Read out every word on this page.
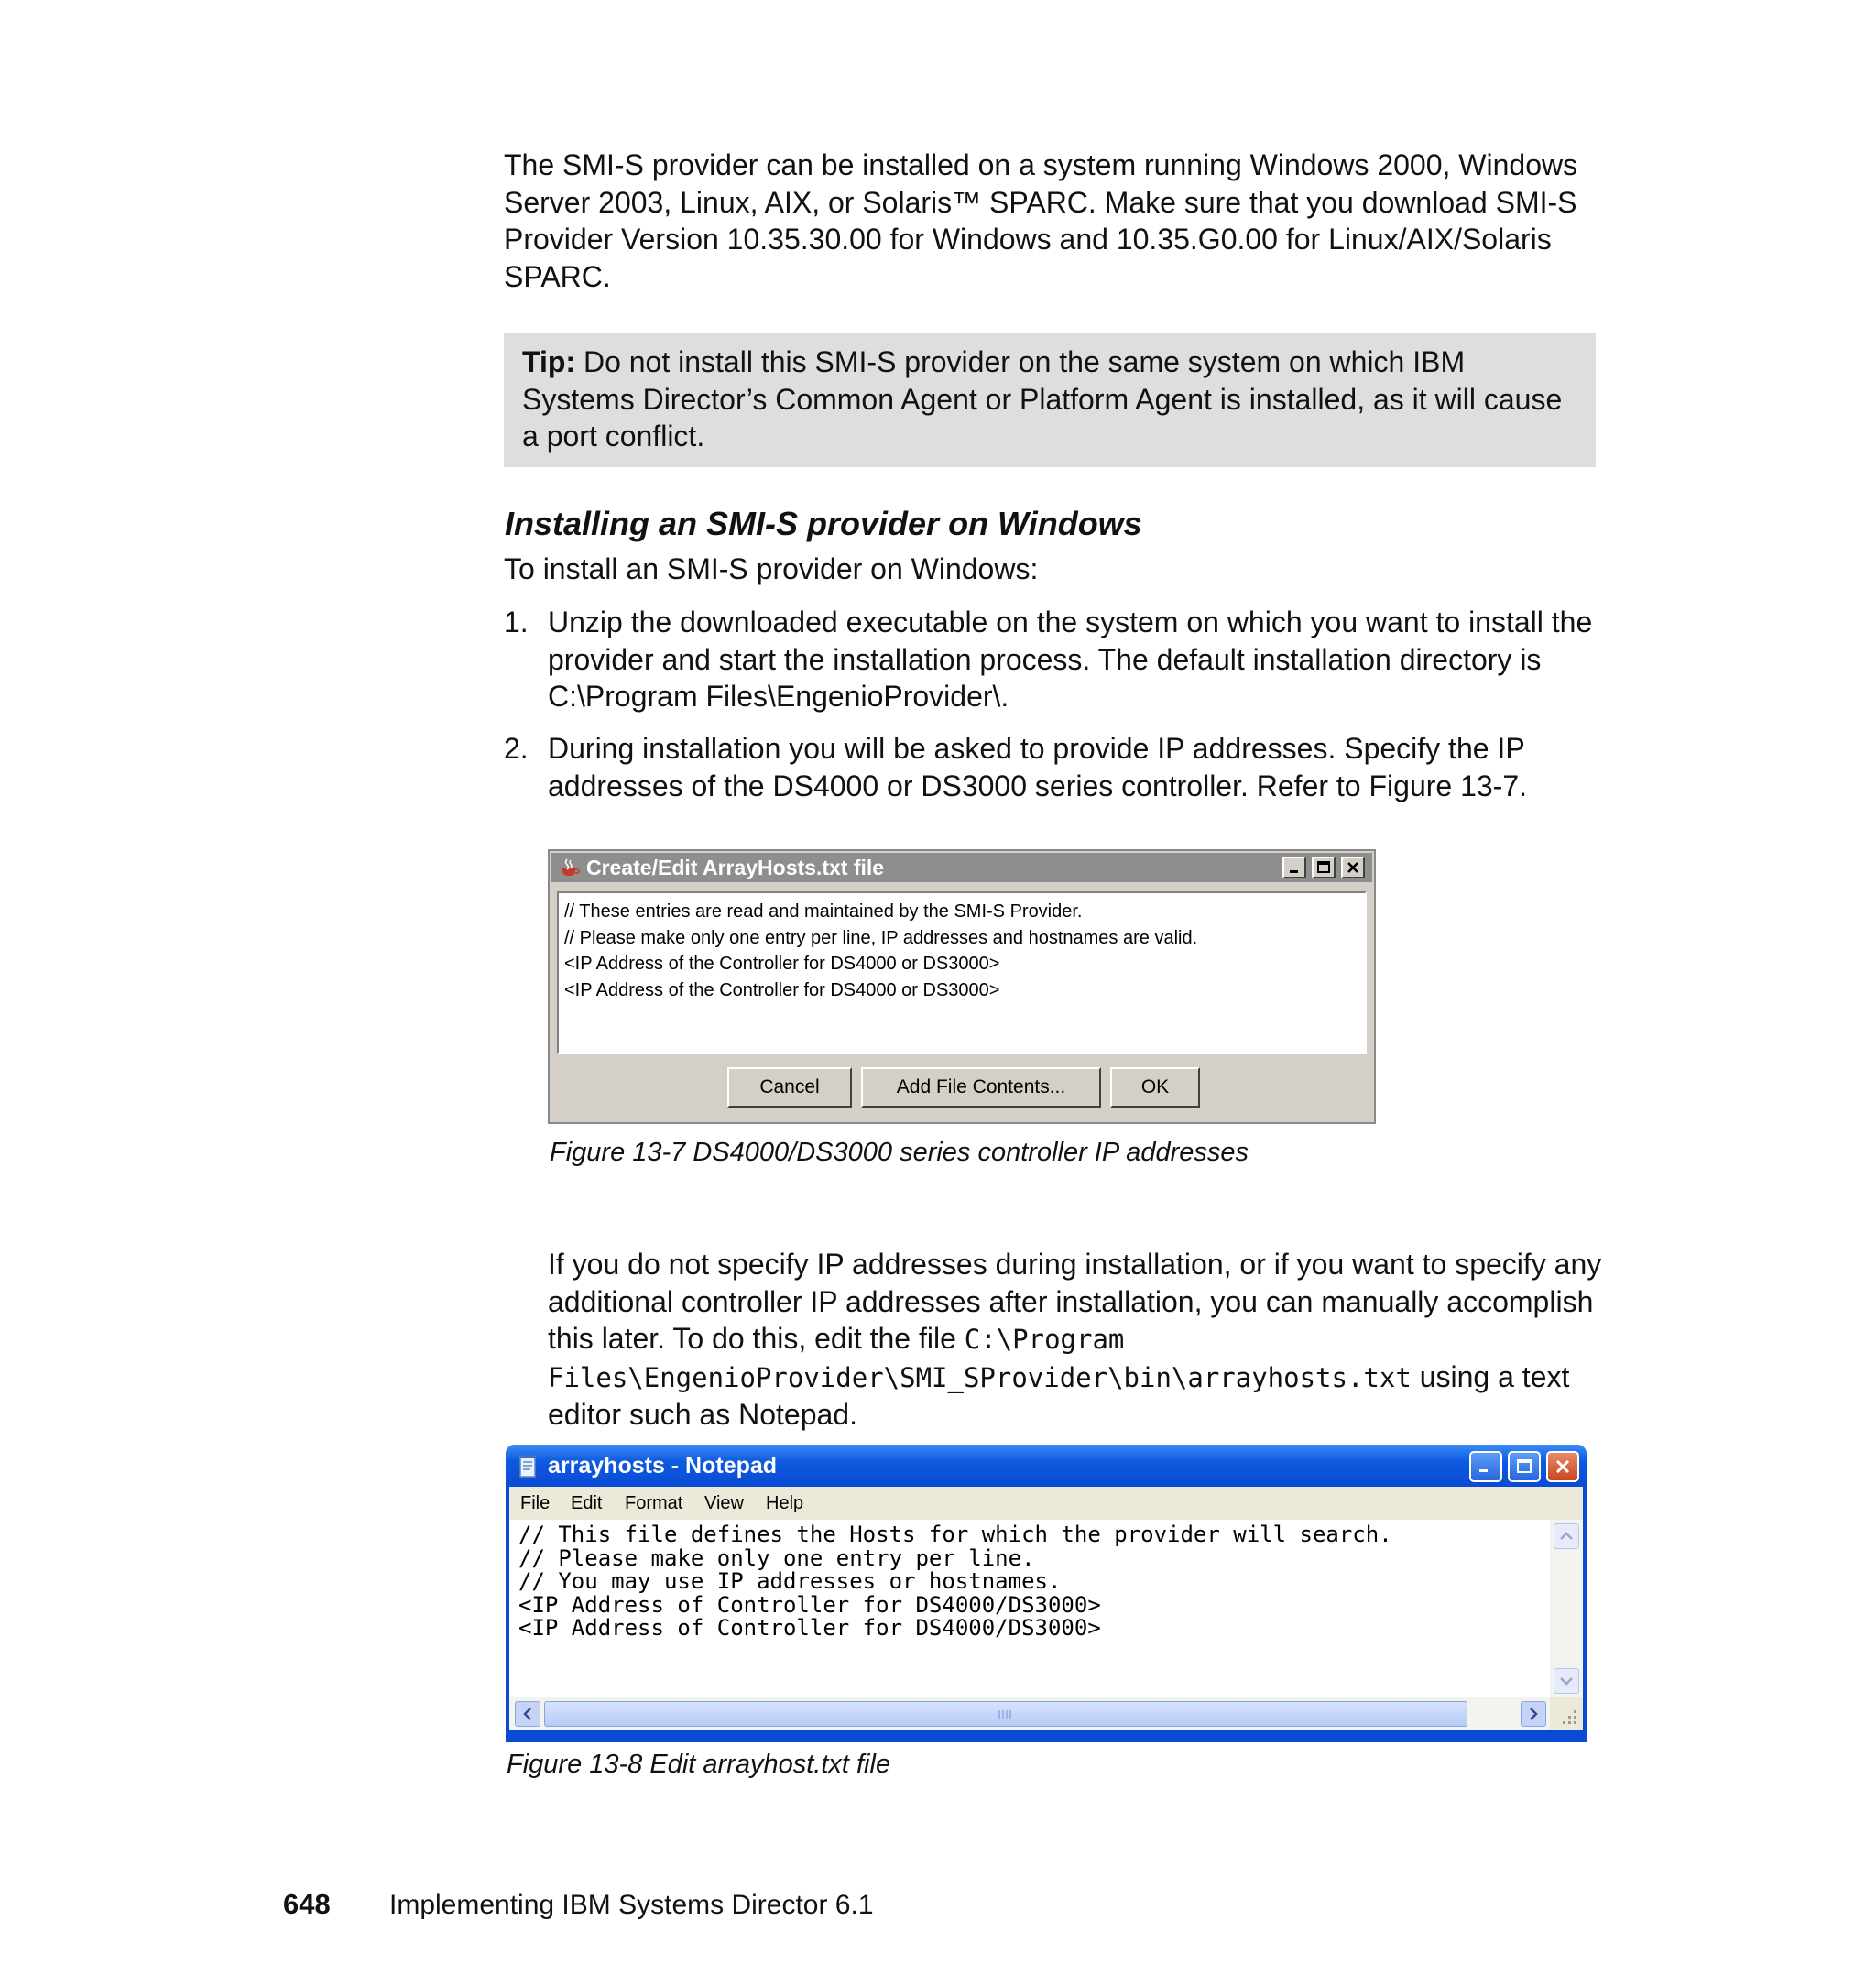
The SMI-S provider can be installed on a system running Windows 2000, Windows Server 2003, Linux, AIX, or Solaris™ SPARC. Make sure that you download SMI-S Provider Version 10.35.30.00 for Windows and 10.35.G0.00 for Linux/AIX/Solaris SPARC.

Tip: Do not install this SMI-S provider on the same system on which IBM Systems Director’s Common Agent or Platform Agent is installed, as it will cause a port conflict.
Installing an SMI-S provider on Windows

To install an SMI-S provider on Windows:

1. Unzip the downloaded executable on the system on which you want to install the provider and start the installation process. The default installation directory is C:\Program Files\EngenioProvider\.
2. During installation you will be asked to provide IP addresses. Specify the IP addresses of the DS4000 or DS3000 series controller. Refer to Figure 13-7.
Create/Edit ArrayHosts.txt file
// These entries are read and maintained by the SMI-S Provider.
// Please make only one entry per line, IP addresses and hostnames are valid.
<IP Address of the Controller for DS4000 or DS3000>
<IP Address of the Controller for DS4000 or DS3000>
Cancel	Add File Contents...	OK

Figure 13-7 DS4000/DS3000 series controller IP addresses

If you do not specify IP addresses during installation, or if you want to specify any additional controller IP addresses after installation, you can manually accomplish this later. To do this, edit the file C:\Program Files\EngenioProvider\SMI_SProvider\bin\arrayhosts.txt using a text editor such as Notepad.

arrayhosts - Notepad
File Edit Format View Help
// This file defines the Hosts for which the provider will search.
// Please make only one entry per line.
// You may use IP addresses or hostnames.
<IP Address of Controller for DS4000/DS3000>
<IP Address of Controller for DS4000/DS3000>

Figure 13-8 Edit arrayhost.txt file

648 Implementing IBM Systems Director 6.1
